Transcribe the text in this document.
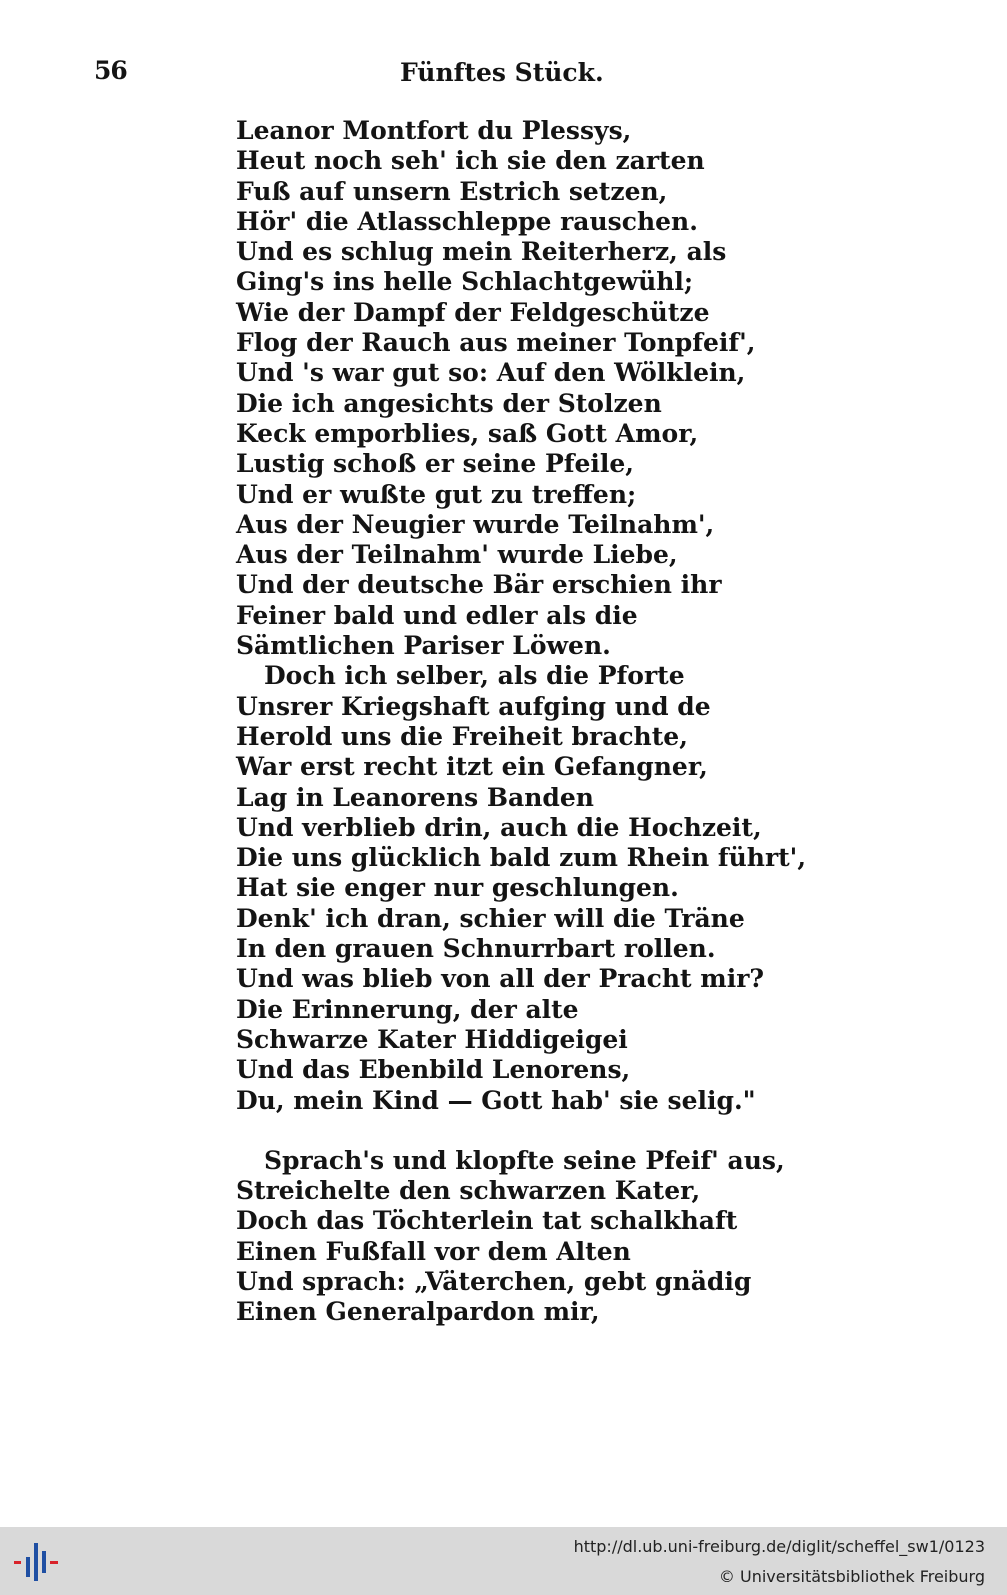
56	Fünftes Stück.
Leanor Montfort du Plessys,
Heut noch seh' ich sie den zarten
Fuß auf unsern Estrich setzen,
Hör' die Atlasschleppe rauschen.
Und es schlug mein Reiterherz, als
Ging's ins helle Schlachtgewühl;
Wie der Dampf der Feldgeschütze
Flog der Rauch aus meiner Tonpfeif',
Und 's war gut so: Auf den Wölklein,
Die ich angesichts der Stolzen
Keck emporblies, saß Gott Amor,
Lustig schoß er seine Pfeile,
Und er wußte gut zu treffen;
Aus der Neugier wurde Teilnahm',
Aus der Teilnahm' wurde Liebe,
Und der deutsche Bär erschien ihr
Feiner bald und edler als die
Sämtlichen Pariser Löwen.
Doch ich selber, als die Pforte
Unsrer Kriegshaft aufging und de
Herold uns die Freiheit brachte,
War erst recht itzt ein Gefangner,
Lag in Leanorens Banden
Und verblieb drin, auch die Hochzeit,
Die uns glücklich bald zum Rhein führt',
Hat sie enger nur geschlungen.
Denk' ich dran, schier will die Träne
In den grauen Schnurrbart rollen.
Und was blieb von all der Pracht mir?
Die Erinnerung, der alte
Schwarze Kater Hiddigeigei
Und das Ebenbild Lenorens,
Du, mein Kind — Gott hab' sie selig."
Sprach's und klopfte seine Pfeif' aus,
Streichelte den schwarzen Kater,
Doch das Töchterlein tat schalkhaft
Einen Fußfall vor dem Alten
Und sprach: „Väterchen, gebt gnädig
Einen Generalpardon mir,
http://dl.ub.uni-freiburg.de/diglit/scheffel_sw1/0123
© Universitätsbibliothek Freiburg
